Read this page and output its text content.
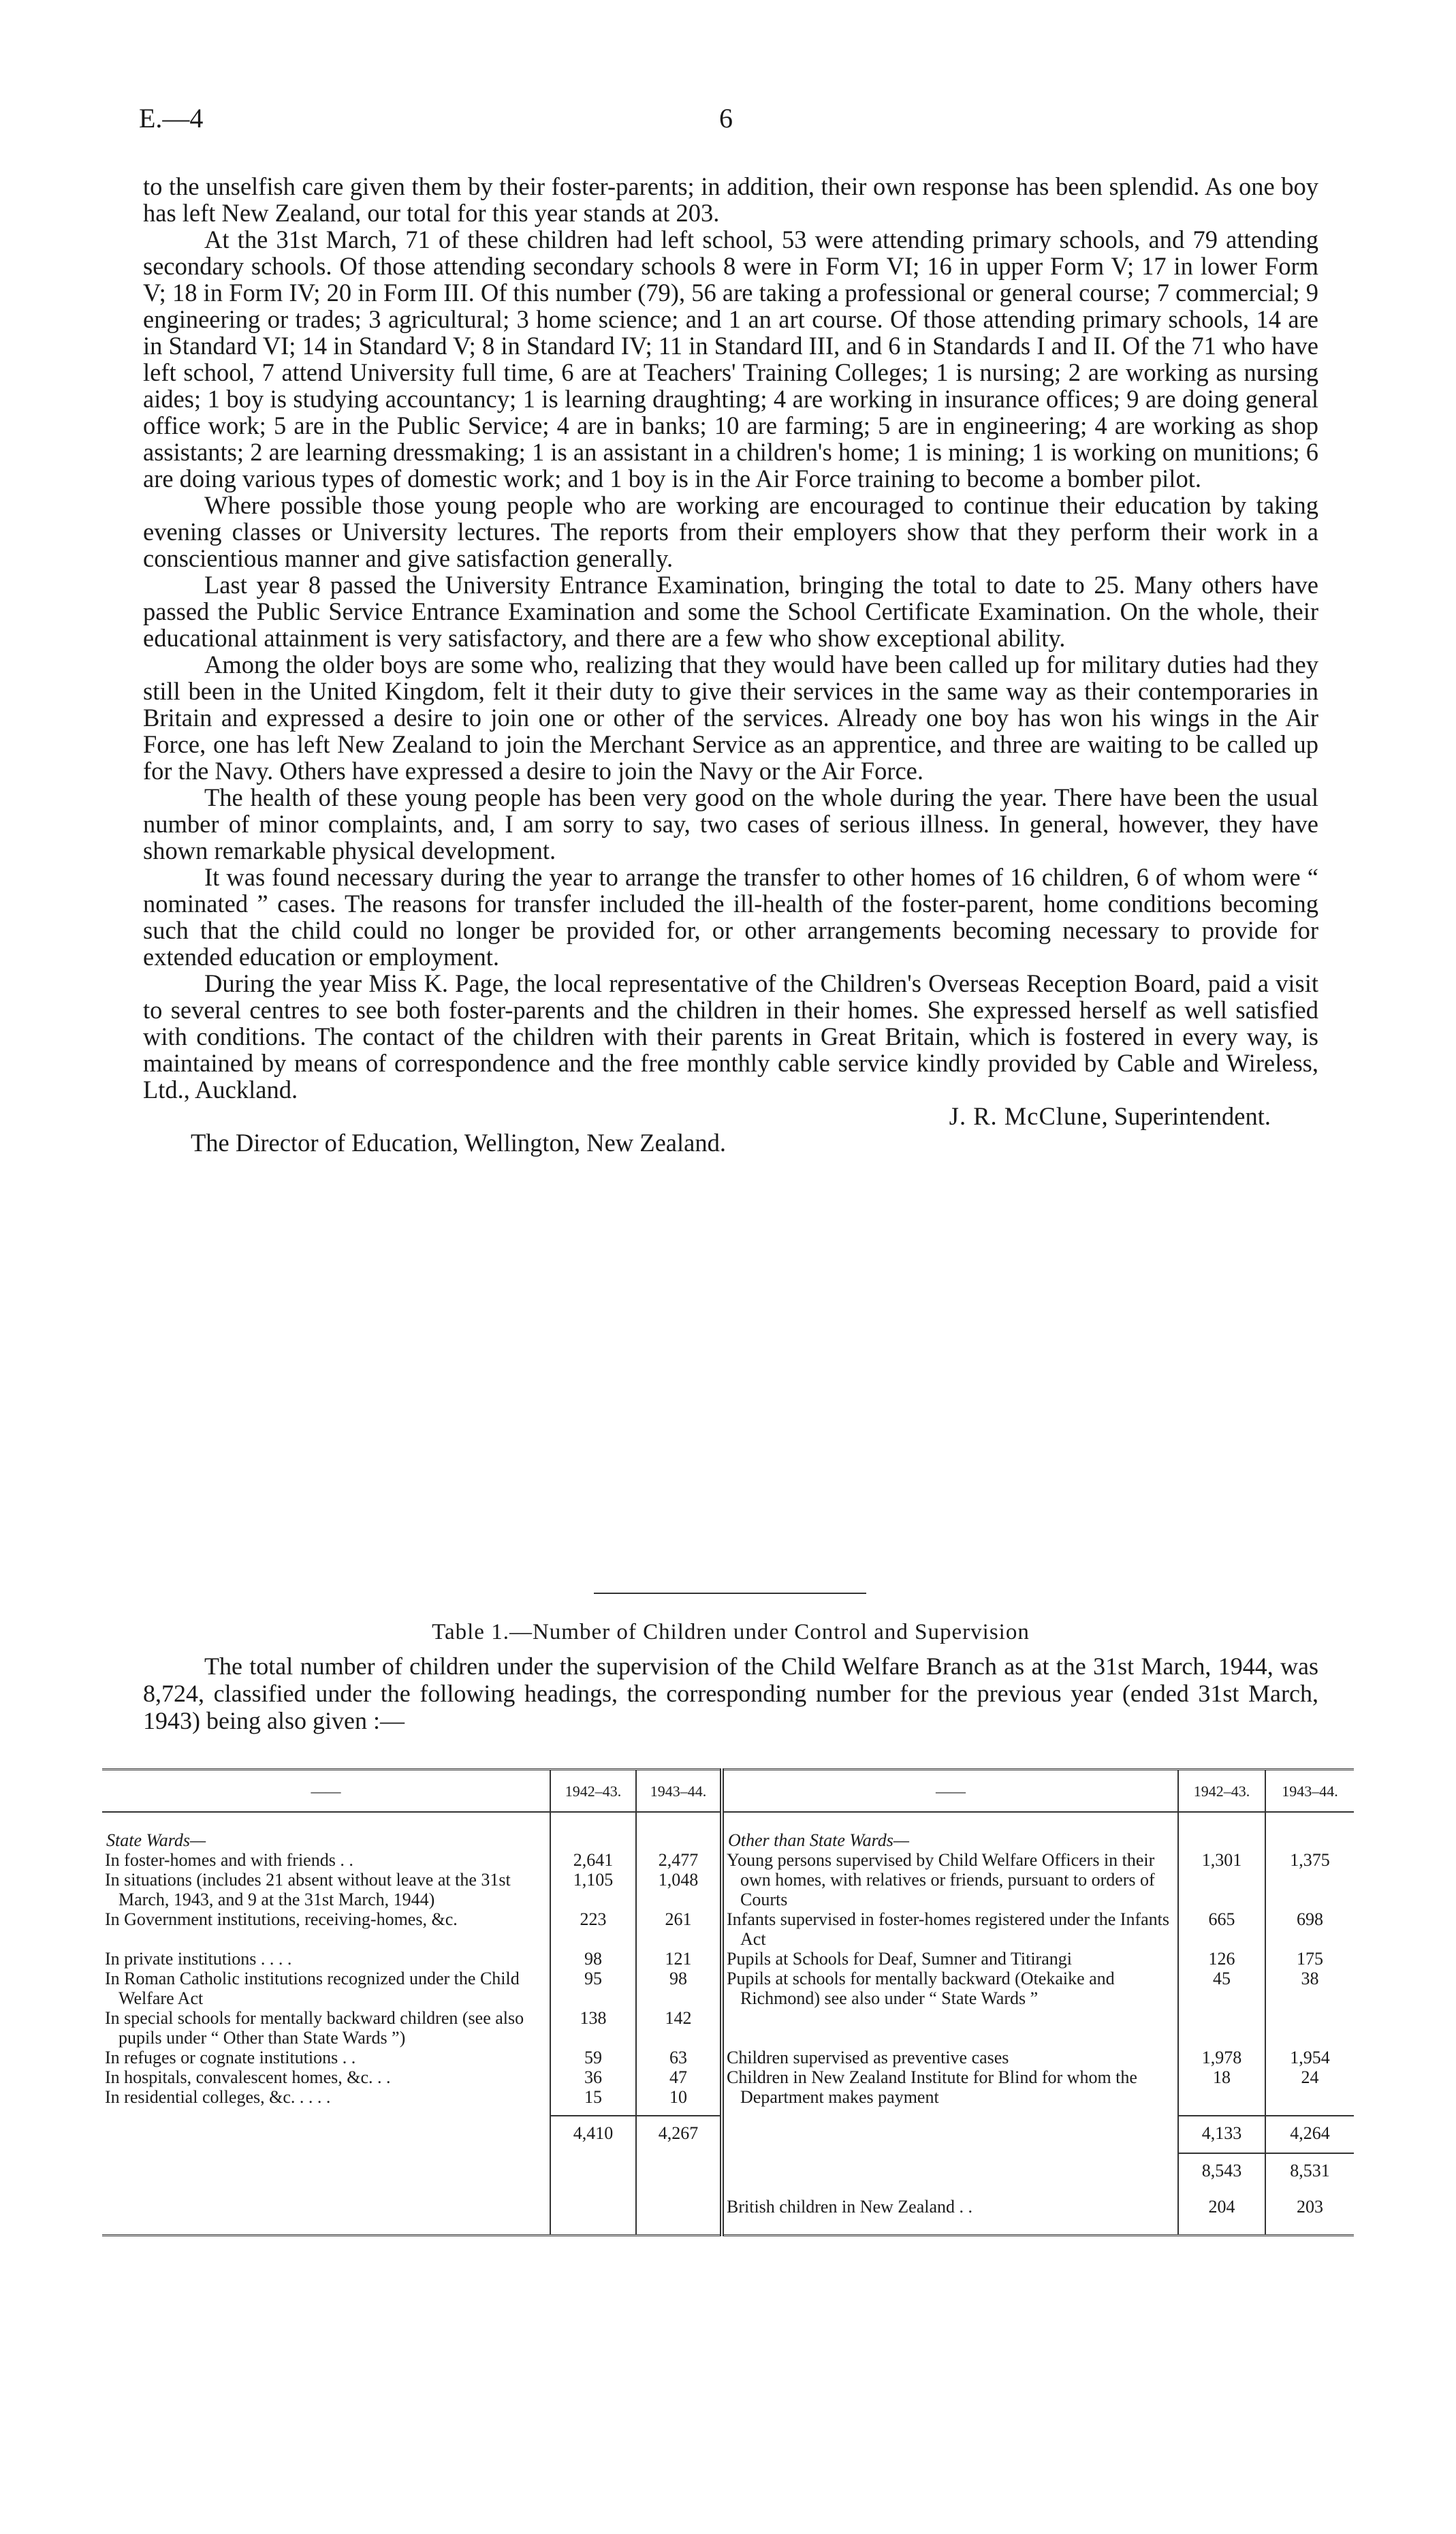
E.—4	6

to the unselfish care given them by their foster-parents; in addition, their own response has been splendid. As one boy has left New Zealand, our total for this year stands at 203.

At the 31st March, 71 of these children had left school, 53 were attending primary schools, and 79 attending secondary schools. Of those attending secondary schools 8 were in Form VI; 16 in upper Form V; 17 in lower Form V; 18 in Form IV; 20 in Form III. Of this number (79), 56 are taking a professional or general course; 7 commercial; 9 engineering or trades; 3 agricultural; 3 home science; and 1 an art course. Of those attending primary schools, 14 are in Standard VI; 14 in Standard V; 8 in Standard IV; 11 in Standard III, and 6 in Standards I and II. Of the 71 who have left school, 7 attend University full time, 6 are at Teachers' Training Colleges; 1 is nursing; 2 are working as nursing aides; 1 boy is studying accountancy; 1 is learning draughting; 4 are working in insurance offices; 9 are doing general office work; 5 are in the Public Service; 4 are in banks; 10 are farming; 5 are in engineering; 4 are working as shop assistants; 2 are learning dressmaking; 1 is an assistant in a children's home; 1 is mining; 1 is working on munitions; 6 are doing various types of domestic work; and 1 boy is in the Air Force training to become a bomber pilot.

Where possible those young people who are working are encouraged to continue their education by taking evening classes or University lectures. The reports from their employers show that they perform their work in a conscientious manner and give satisfaction generally.

Last year 8 passed the University Entrance Examination, bringing the total to date to 25. Many others have passed the Public Service Entrance Examination and some the School Certificate Examination. On the whole, their educational attainment is very satisfactory, and there are a few who show exceptional ability.

Among the older boys are some who, realizing that they would have been called up for military duties had they still been in the United Kingdom, felt it their duty to give their services in the same way as their contemporaries in Britain and expressed a desire to join one or other of the services. Already one boy has won his wings in the Air Force, one has left New Zealand to join the Merchant Service as an apprentice, and three are waiting to be called up for the Navy. Others have expressed a desire to join the Navy or the Air Force.

The health of these young people has been very good on the whole during the year. There have been the usual number of minor complaints, and, I am sorry to say, two cases of serious illness. In general, however, they have shown remarkable physical development.

It was found necessary during the year to arrange the transfer to other homes of 16 children, 6 of whom were “ nominated ” cases. The reasons for transfer included the ill-health of the foster-parent, home conditions becoming such that the child could no longer be provided for, or other arrangements becoming necessary to provide for extended education or employment.

During the year Miss K. Page, the local representative of the Children's Overseas Reception Board, paid a visit to several centres to see both foster-parents and the children in their homes. She expressed herself as well satisfied with conditions. The contact of the children with their parents in Great Britain, which is fostered in every way, is maintained by means of correspondence and the free monthly cable service kindly provided by Cable and Wireless, Ltd., Auckland.

J. R. McClune, Superintendent.

The Director of Education, Wellington, New Zealand.

Table 1.—Number of Children under Control and Supervision

The total number of children under the supervision of the Child Welfare Branch as at the 31st March, 1944, was 8,724, classified under the following headings, the corresponding number for the previous year (ended 31st March, 1943) being also given :—

——	1942–43.	1943–44.	——	1942–43.	1943–44.
State Wards—			Other than State Wards—		
In foster-homes and with friends . .	2,641	2,477	Young persons supervised by Child Welfare Officers in their own homes, with relatives or friends, pursuant to orders of Courts	1,301	1,375
In situations (includes 21 absent without leave at the 31st March, 1943, and 9 at the 31st March, 1944)	1,105	1,048			
In Government institutions, receiving-homes, &c.	223	261	Infants supervised in foster-homes registered under the Infants Act	665	698
In private institutions . . . .	98	121	Pupils at Schools for Deaf, Sumner and Titirangi	126	175
In Roman Catholic institutions recognized under the Child Welfare Act	95	98	Pupils at schools for mentally backward (Otekaike and Richmond) see also under “ State Wards ”	45	38
In special schools for mentally backward children (see also pupils under “ Other than State Wards ”)	138	142			
In refuges or cognate institutions . .	59	63	Children supervised as preventive cases	1,978	1,954
In hospitals, convalescent homes, &c. . .	36	47	Children in New Zealand Institute for Blind for whom the Department makes payment	18	24
In residential colleges, &c. . . . .	15	10			

	4,410	4,267		4,133	4,264
				8,543	8,531
			British children in New Zealand . .	204	203
